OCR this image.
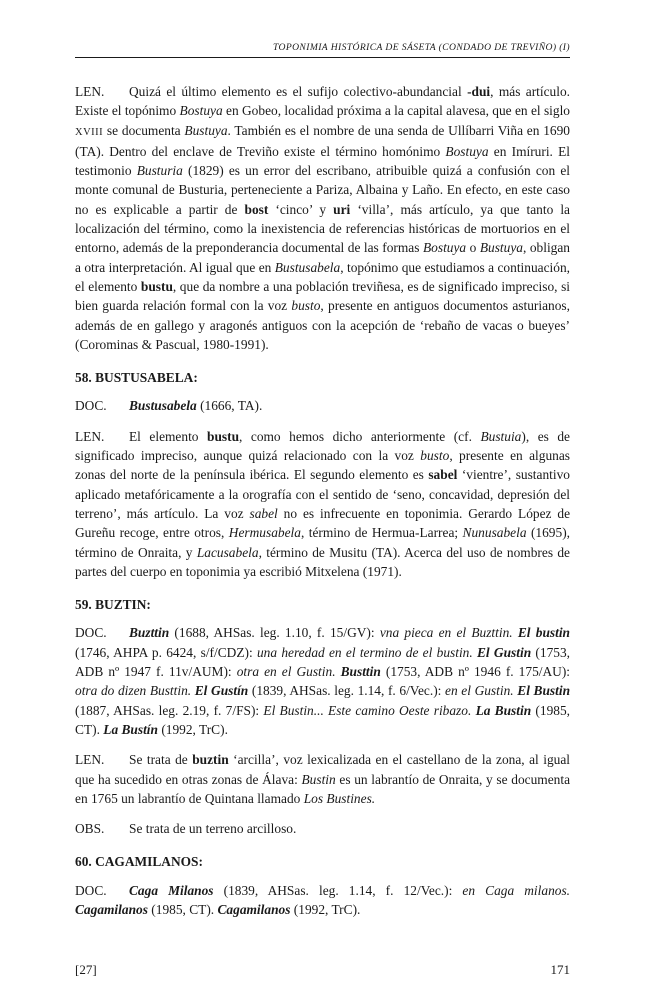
TOPONIMIA HISTÓRICA DE SÁSETA (CONDADO DE TREVIÑO) (I)

LEN. Quizá el último elemento es el sufijo colectivo-abundancial -dui, más artículo. Existe el topónimo Bostuya en Gobeo, localidad próxima a la capital alavesa, que en el siglo XVIII se documenta Bustuya. También es el nombre de una senda de Ullíbarri Viña en 1690 (TA). Dentro del enclave de Treviño existe el término homónimo Bostuya en Imíruri. El testimonio Busturia (1829) es un error del escribano, atribuible quizá a confusión con el monte comunal de Busturia, perteneciente a Pariza, Albaina y Laño. En efecto, en este caso no es explicable a partir de bost ‘cinco’ y uri ‘villa’, más artículo, ya que tanto la localización del término, como la inexistencia de referencias históricas de mortuorios en el entorno, además de la preponderancia documental de las formas Bostuya o Bustuya, obligan a otra interpretación. Al igual que en Bustusabela, topónimo que estudiamos a continuación, el elemento bustu, que da nombre a una población treviñesa, es de significado impreciso, si bien guarda relación formal con la voz busto, presente en antiguos documentos asturianos, además de en gallego y aragonés antiguos con la acepción de ‘rebaño de vacas o bueyes’ (Corominas & Pascual, 1980-1991).

58. BUSTUSABELA:

DOC. Bustusabela (1666, TA).

LEN. El elemento bustu, como hemos dicho anteriormente (cf. Bustuia), es de significado impreciso, aunque quizá relacionado con la voz busto, presente en algunas zonas del norte de la península ibérica. El segundo elemento es sabel ‘vientre’, sustantivo aplicado metafóricamente a la orografía con el sentido de ‘seno, concavidad, depresión del terreno’, más artículo. La voz sabel no es infrecuente en toponimia. Gerardo López de Gureñu recoge, entre otros, Hermusabela, término de Hermua-Larrea; Nunusabela (1695), término de Onraita, y Lacusabela, término de Musitu (TA). Acerca del uso de nombres de partes del cuerpo en toponimia ya escribió Mitxelena (1971).

59. BUZTIN:

DOC. Buzttin (1688, AHSas. leg. 1.10, f. 15/GV): vna pieca en el Buzttin. El bustin (1746, AHPA p. 6424, s/f/CDZ): una heredad en el termino de el bustin. El Gustin (1753, ADB nº 1947 f. 11v/AUM): otra en el Gustin. Busttin (1753, ADB nº 1946 f. 175/AU): otra do dizen Busttin. El Gustín (1839, AHSas. leg. 1.14, f. 6/Vec.): en el Gustin. El Bustin (1887, AHSas. leg. 2.19, f. 7/FS): El Bustin... Este camino Oeste ribazo. La Bustin (1985, CT). La Bustín (1992, TrC).

LEN. Se trata de buztin ‘arcilla’, voz lexicalizada en el castellano de la zona, al igual que ha sucedido en otras zonas de Álava: Bustin es un labrantío de Onraita, y se documenta en 1765 un labrantío de Quintana llamado Los Bustines.

OBS. Se trata de un terreno arcilloso.

60. CAGAMILANOS:

DOC. Caga Milanos (1839, AHSas. leg. 1.14, f. 12/Vec.): en Caga milanos. Cagamilanos (1985, CT). Cagamilanos (1992, TrC).

[27]	171
